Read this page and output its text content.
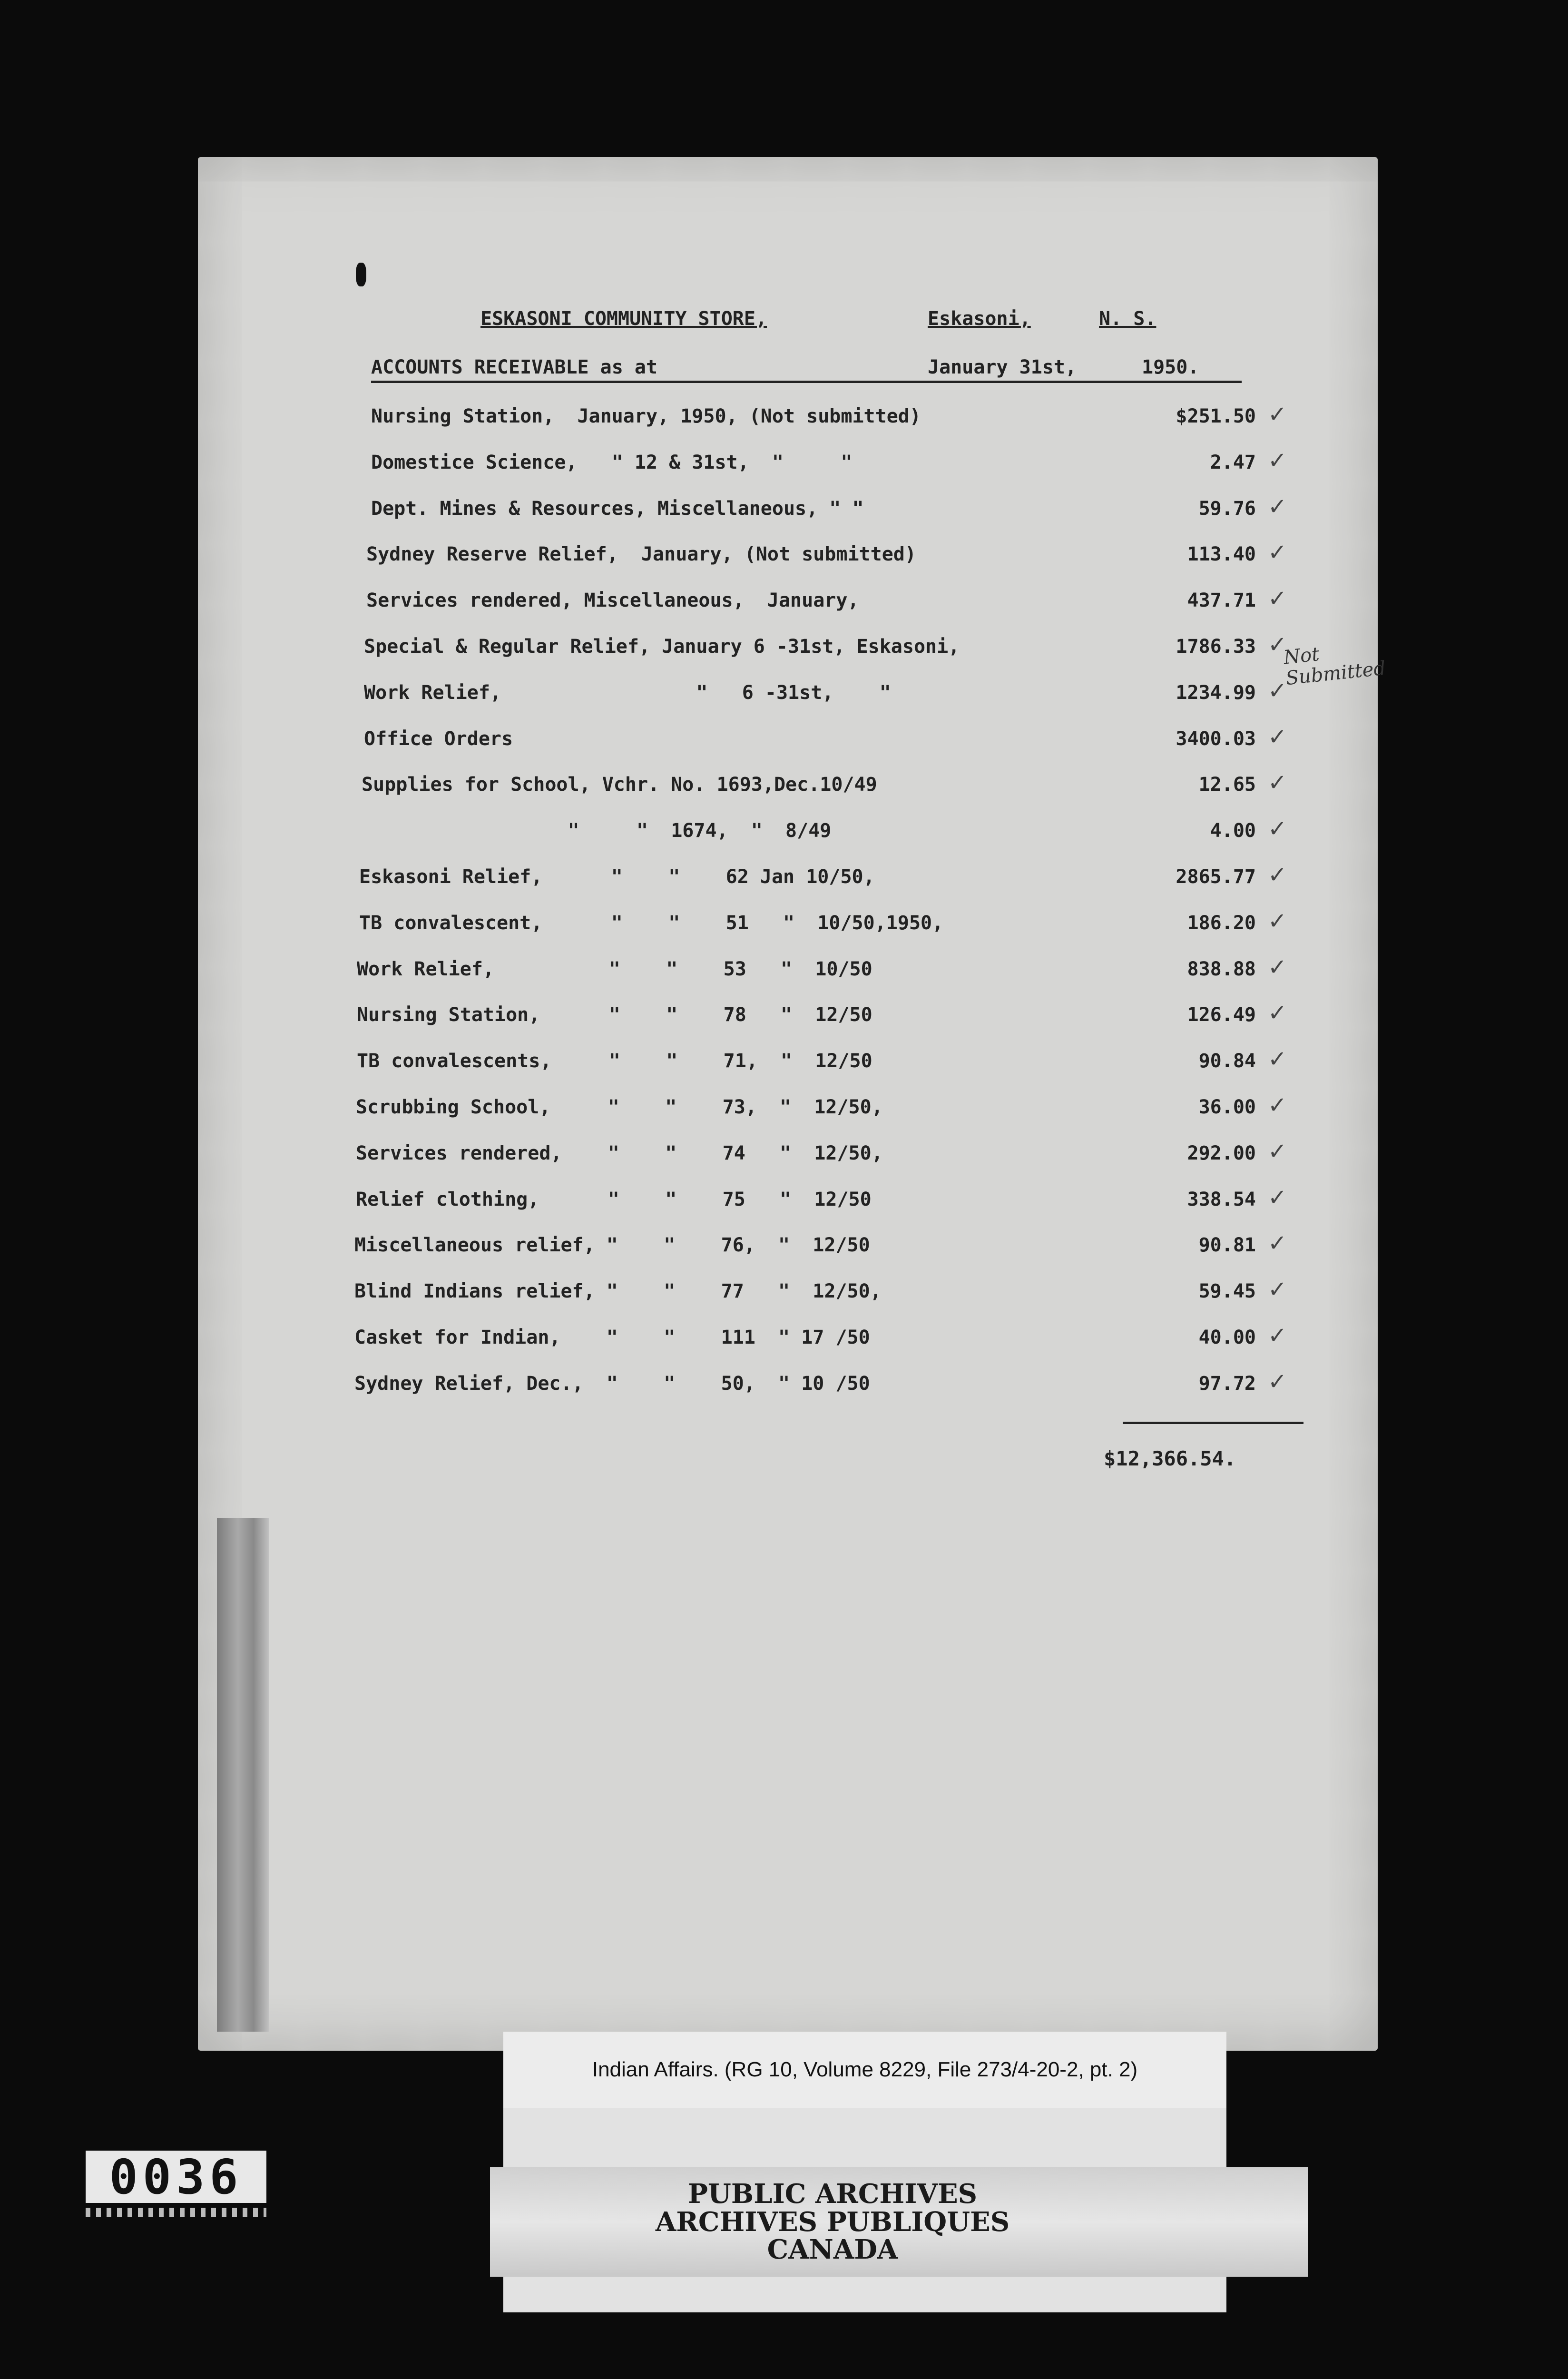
ESKASONI COMMUNITY STORE,	Eskasoni,	N. S.
ACCOUNTS RECEIVABLE as at	January 31st,	1950.
Nursing Station,  January, 1950, (Not submitted)	$251.50 ✓
Domestice Science,   " 12 & 31st,  "     "	2.47 ✓
Dept. Mines & Resources, Miscellaneous, " "	59.76 ✓
Sydney Reserve Relief,  January, (Not submitted)	113.40 ✓
Services rendered, Miscellaneous,  January,	437.71 ✓
Special & Regular Relief, January 6 -31st, Eskasoni,	1786.33 ✓
Work Relief,                 "   6 -31st,    "	1234.99 ✓
Office Orders	3400.03 ✓
Supplies for School, Vchr. No. 1693,Dec.10/49	12.65 ✓
"     "  1674,  "  8/49	4.00 ✓
Eskasoni Relief,      "    "    62 Jan 10/50,	2865.77 ✓
TB convalescent,      "    "    51   "  10/50,1950,	186.20 ✓
Work Relief,          "    "    53   "  10/50	838.88 ✓
Nursing Station,      "    "    78   "  12/50	126.49 ✓
TB convalescents,     "    "    71,  "  12/50	90.84 ✓
Scrubbing School,     "    "    73,  "  12/50,	36.00 ✓
Services rendered,    "    "    74   "  12/50,	292.00 ✓
Relief clothing,      "    "    75   "  12/50	338.54 ✓
Miscellaneous relief, "    "    76,  "  12/50	90.81 ✓
Blind Indians relief, "    "    77   "  12/50,	59.45 ✓
Casket for Indian,    "    "    111  " 17 /50	40.00 ✓
Sydney Relief, Dec.,  "    "    50,  " 10 /50	97.72 ✓
$12,366.54.
Not Submitted
Indian Affairs. (RG 10, Volume 8229, File 273/4-20-2, pt. 2)
PUBLIC ARCHIVES
ARCHIVES PUBLIQUES
CANADA
0036
